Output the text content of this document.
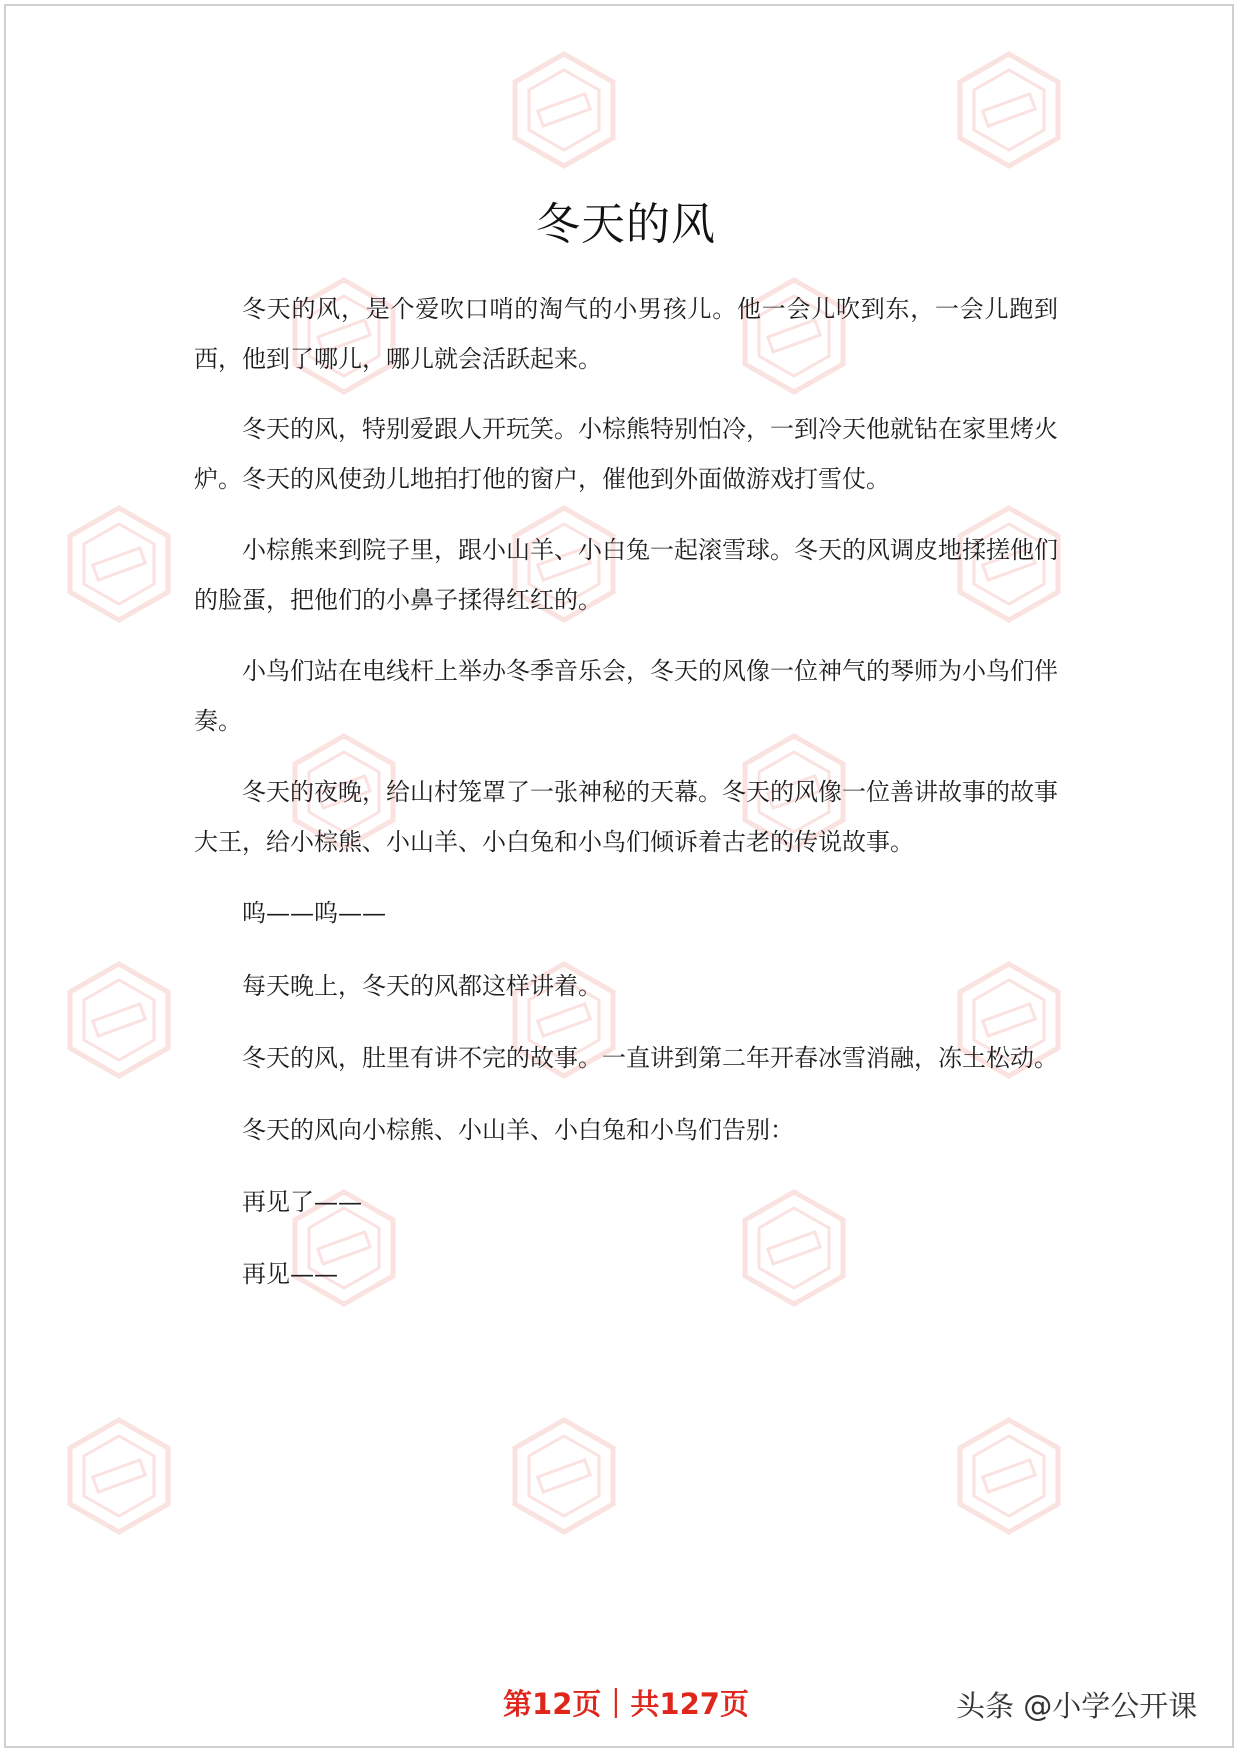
冬天的风

冬天的风，是个爱吹口哨的淘气的小男孩儿。他一会儿吹到东，一会儿跑到西，他到了哪儿，哪儿就会活跃起来。

冬天的风，特别爱跟人开玩笑。小棕熊特别怕冷，一到冷天他就钻在家里烤火炉。冬天的风使劲儿地拍打他的窗户，催他到外面做游戏打雪仗。

小棕熊来到院子里，跟小山羊、小白兔一起滚雪球。冬天的风调皮地揉搓他们的脸蛋，把他们的小鼻子揉得红红的。

小鸟们站在电线杆上举办冬季音乐会，冬天的风像一位神气的琴师为小鸟们伴奏。

冬天的夜晚，给山村笼罩了一张神秘的天幕。冬天的风像一位善讲故事的故事大王，给小棕熊、小山羊、小白兔和小鸟们倾诉着古老的传说故事。

呜——呜——

每天晚上，冬天的风都这样讲着。

冬天的风，肚里有讲不完的故事。一直讲到第二年开春冰雪消融，冻土松动。

冬天的风向小棕熊、小山羊、小白兔和小鸟们告别：

再见了——

再见——

第12页｜共127页	头条 @小学公开课
